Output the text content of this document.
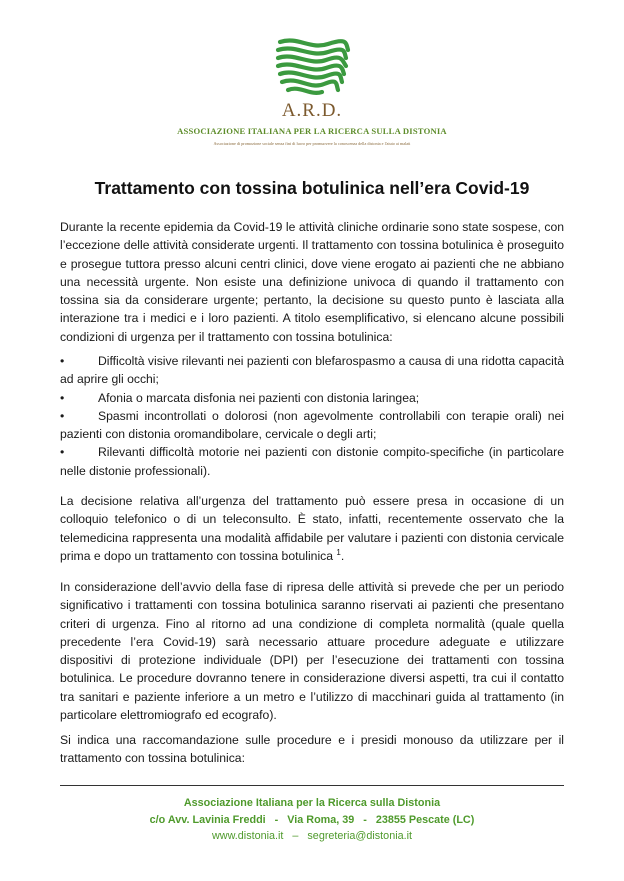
A.R.D.
ASSOCIAZIONE ITALIANA PER LA RICERCA SULLA DISTONIA
Associazione di promozione sociale senza fini di lucro per promuovere la conoscenza della distonia e l'aiuto ai malati
Trattamento con tossina botulinica nell’era Covid-19

Durante la recente epidemia da Covid-19 le attività cliniche ordinarie sono state sospese, con l’eccezione delle attività considerate urgenti. Il trattamento con tossina botulinica è proseguito e prosegue tuttora presso alcuni centri clinici, dove viene erogato ai pazienti che ne abbiano una necessità urgente. Non esiste una definizione univoca di quando il trattamento con tossina sia da considerare urgente; pertanto, la decisione su questo punto è lasciata alla interazione tra i medici e i loro pazienti. A titolo esemplificativo, si elencano alcune possibili condizioni di urgenza per il trattamento con tossina botulinica:

•	Difficoltà visive rilevanti nei pazienti con blefarospasmo a causa di una ridotta capacità ad aprire gli occhi;

•	Afonia o marcata disfonia nei pazienti con distonia laringea;

•	Spasmi incontrollati o dolorosi (non agevolmente controllabili con terapie orali) nei pazienti con distonia oromandibolare, cervicale o degli arti;

•	Rilevanti difficoltà motorie nei pazienti con distonie compito-specifiche (in particolare nelle distonie professionali).

La decisione relativa all’urgenza del trattamento può essere presa in occasione di un colloquio telefonico o di un teleconsulto. È stato, infatti, recentemente osservato che la telemedicina rappresenta una modalità affidabile per valutare i pazienti con distonia cervicale prima e dopo un trattamento con tossina botulinica $^1$.

In considerazione dell’avvio della fase di ripresa delle attività si prevede che per un periodo significativo i trattamenti con tossina botulinica saranno riservati ai pazienti che presentano criteri di urgenza. Fino al ritorno ad una condizione di completa normalità (quale quella precedente l’era Covid-19) sarà necessario attuare procedure adeguate e utilizzare dispositivi di protezione individuale (DPI) per l’esecuzione dei trattamenti con tossina botulinica. Le procedure dovranno tenere in considerazione diversi aspetti, tra cui il contatto tra sanitari e paziente inferiore a un metro e l’utilizzo di macchinari guida al trattamento (in particolare elettromiografo ed ecografo).

Si indica una raccomandazione sulle procedure e i presidi monouso da utilizzare per il trattamento con tossina botulinica:

Associazione Italiana per la Ricerca sulla Distonia
c/o Avv. Lavinia Freddi   -   Via Roma, 39   -   23855 Pescate (LC)
www.distonia.it   –   segreteria@distonia.it
